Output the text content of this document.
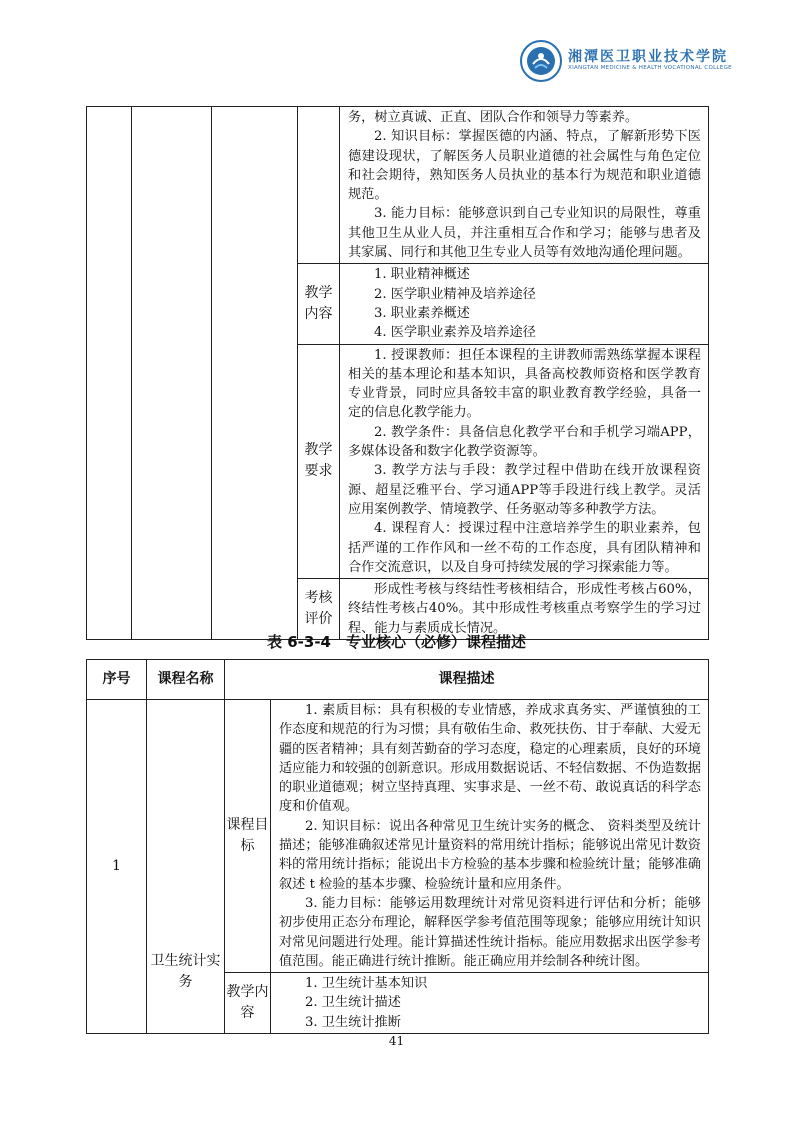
湘潭医卫职业技术学院
XIANGTAN MEDICINE & HEALTH VOCATIONAL COLLEGE

				务，树立真诚、正直、团队合作和领导力等素养。

2. 知识目标：掌握医德的内涵、特点，了解新形势下医德建设现状，了解医务人员职业道德的社会属性与角色定位和社会期待，熟知医务人员执业的基本行为规范和职业道德规范。

3. 能力目标：能够意识到自己专业知识的局限性，尊重其他卫生从业人员，并注重相互合作和学习；能够与患者及其家属、同行和其他卫生专业人员等有效地沟通伦理问题。

			教学内容	1. 职业精神概述

2. 医学职业精神及培养途径

3. 职业素养概述

4. 医学职业素养及培养途径

			教学要求	1. 授课教师：担任本课程的主讲教师需熟练掌握本课程相关的基本理论和基本知识，具备高校教师资格和医学教育专业背景，同时应具备较丰富的职业教育教学经验，具备一定的信息化教学能力。

2. 教学条件：具备信息化教学平台和手机学习端APP，多媒体设备和数字化教学资源等。

3. 教学方法与手段：教学过程中借助在线开放课程资源、超星泛雅平台、学习通APP等手段进行线上教学。灵活应用案例教学、情境教学、任务驱动等多种教学方法。

4. 课程育人：授课过程中注意培养学生的职业素养，包括严谨的工作作风和一丝不苟的工作态度，具有团队精神和合作交流意识，以及自身可持续发展的学习探索能力等。

			考核评价	形成性考核与终结性考核相结合，形成性考核占60%，终结性考核占40%。其中形成性考核重点考察学生的学习过程、能力与素质成长情况。

表 6-3-4　专业核心（必修）课程描述
序号	课程名称	课程描述	
1	卫生统计实务	课程目标	1. 素质目标：具有积极的专业情感，养成求真务实、严谨慎独的工作态度和规范的行为习惯；具有敬佑生命、救死扶伤、甘于奉献、大爱无疆的医者精神；具有刻苦勤奋的学习态度，稳定的心理素质，良好的环境适应能力和较强的创新意识。形成用数据说话、不轻信数据、不伪造数据的职业道德观；树立坚持真理、实事求是、一丝不苟、敢说真话的科学态度和价值观。

2. 知识目标：说出各种常见卫生统计实务的概念、 资料类型及统计描述；能够准确叙述常见计量资料的常用统计指标；能够说出常见计数资料的常用统计指标；能说出卡方检验的基本步骤和检验统计量；能够准确叙述 t 检验的基本步骤、检验统计量和应用条件。

3. 能力目标：能够运用数理统计对常见资料进行评估和分析；能够初步使用正态分布理论，解释医学参考值范围等现象；能够应用统计知识对常见问题进行处理。能计算描述性统计指标。能应用数据求出医学参考值范围。能正确进行统计推断。能正确应用并绘制各种统计图。

		教学内容	1. 卫生统计基本知识

2. 卫生统计描述

3. 卫生统计推断

41
